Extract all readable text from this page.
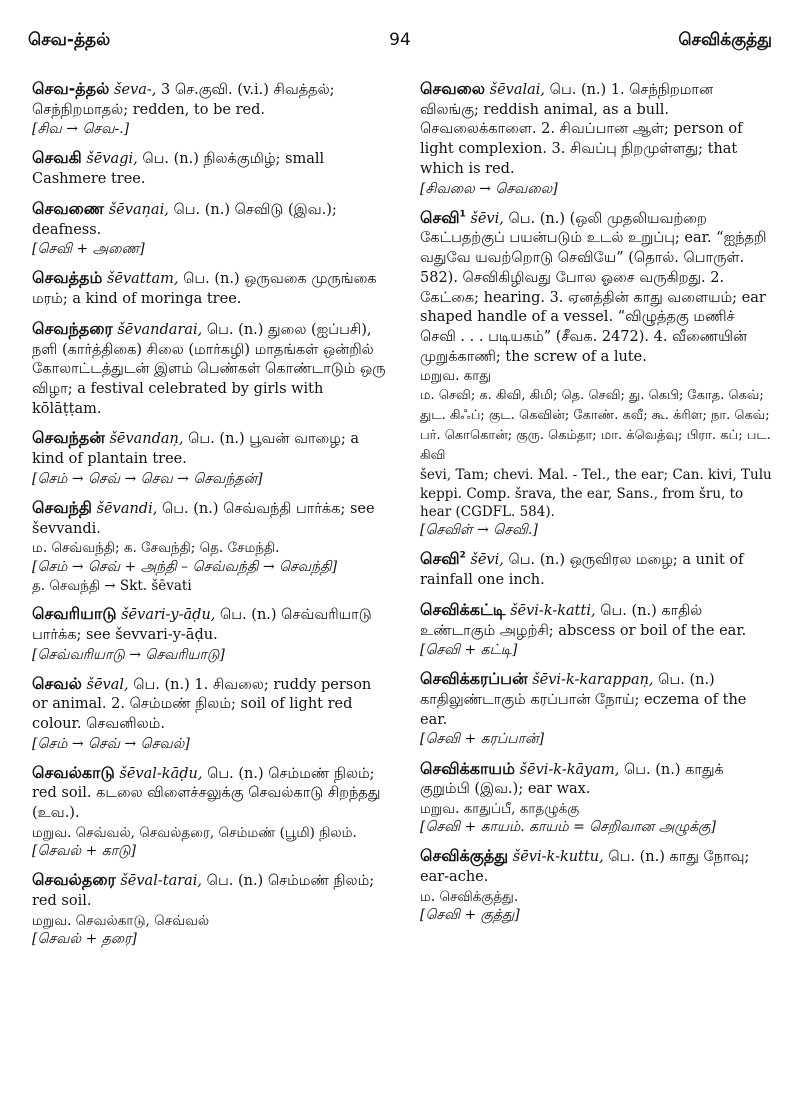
செவ-த்தல்	94	செவிக்குத்து

செவ-த்தல் ševa-, 3 செ.குவி. (v.i.) சிவத்தல்; செந்நிறமாதல்; redden, to be red.

[சிவ → செவ-.]

செவகி šēvagi, பெ. (n.) நிலக்குமிழ்; small Cashmere tree.

செவணை šēvaņai, பெ. (n.) செவிடு (இவ.); deafness.

[செவி + அணை]

செவத்தம் šēvattam, பெ. (n.) ஒருவகை முருங்கை மரம்; a kind of moringa tree.

செவந்தரை šēvandarai, பெ. (n.) துலை (ஐப்பசி), நளி (கார்த்திகை) சிலை (மார்கழி) மாதங்கள் ஒன்றில் கோலாட்டத்துடன் இளம் பெண்கள் கொண்டாடும் ஒரு விழா; a festival celebrated by girls with kōlāṭṭam.

செவந்தன் šēvandaņ, பெ. (n.) பூவன் வாழை; a kind of plantain tree.

[செம் → செவ் → செவ → செவந்தன்]

செவந்தி šēvandi, பெ. (n.) செவ்வந்தி பார்க்க; see ševvandi.

ம. செவ்வந்தி; க. சேவந்தி; தெ. சேமந்தி.

[செம் → செவ் + அந்தி – செவ்வந்தி → செவந்தி]

த. செவந்தி → Skt. šēvati

செவரியாடு šēvari-y-āḍu, பெ. (n.) செவ்வரியாடு பார்க்க; see ševvari-y-āḍu.

[செவ்வரியாடு → செவரியாடு]

செவல் šēval, பெ. (n.) 1. சிவலை; ruddy person or animal. 2. செம்மண் நிலம்; soil of light red colour. செவனிலம்.

[செம் → செவ் → செவல்]

செவல்காடு šēval-kāḍu, பெ. (n.) செம்மண் நிலம்; red soil. கடலை விளைச்சலுக்கு செவல்காடு சிறந்தது (உவ.).

மறுவ. செவ்வல், செவல்தரை, செம்மண் (பூமி) நிலம்.

[செவல் + காடு]

செவல்தரை šēval-tarai, பெ. (n.) செம்மண் நிலம்; red soil.

மறுவ. செவல்காடு, செவ்வல்

[செவல் + தரை]

செவலை šēvalai, பெ. (n.) 1. செந்நிறமான விலங்கு; reddish animal, as a bull. செவலைக்காளை. 2. சிவப்பான ஆள்; person of light complexion. 3. சிவப்பு நிறமுள்ளது; that which is red.

[சிவலை → செவலை]

செவி$^1$ šēvi, பெ. (n.) (ஒலி முதலியவற்றை கேட்பதற்குப் பயன்படும் உடல் உறுப்பு; ear. “ஐந்தறி வதுவே யவற்றொடு செவியே” (தொல். பொருள். 582). செவிகிழிவது போல ஓசை வருகிறது. 2. கேட்கை; hearing. 3. ஏனத்தின் காது வளையம்; ear shaped handle of a vessel. “விழுத்தகு மணிச் செவி . . . படியகம்” (சீவக. 2472). 4. வீணையின் முறுக்காணி; the screw of a lute.

மறுவ. காது

ம. செவி; க. கிவி, கிமி; தெ. செவி; து. கெபி; கோத. கெவ்; துட. கிஃப்; குட. கெவின்; கோண். கவீ; கூ. க்ரிள; நா. கெவ்; பர். கொகொன்; குரு. கெம்தா; மா. க்வெத்வு; பிரா. கப்; பட. கிவி

ševi, Tam; chevi. Mal. - Tel., the ear; Can. kivi, Tulu keppi. Comp. šrava, the ear, Sans., from šru, to hear (CGDFL. 584).

[செவிள் → செவி.]

செவி$^2$ šēvi, பெ. (n.) ஒருவிரல மழை; a unit of rainfall one inch.

செவிக்கட்டி šēvi-k-katti, பெ. (n.) காதில் உண்டாகும் அழற்சி; abscess or boil of the ear.

[செவி + கட்டி]

செவிக்கரப்பன் šēvi-k-karappaņ, பெ. (n.) காதிலுண்டாகும் கரப்பான் நோய்; eczema of the ear.

[செவி + கரப்பான்]

செவிக்காயம் šēvi-k-kāyam, பெ. (n.) காதுக் குறும்பி (இவ.); ear wax.

மறுவ. காதுப்பீ, காதழுக்கு

[செவி + காயம். காயம் = செறிவான அழுக்கு]

செவிக்குத்து šēvi-k-kuttu, பெ. (n.) காது நோவு; ear-ache.

ம. செவிக்குத்து.

[செவி + குத்து]
